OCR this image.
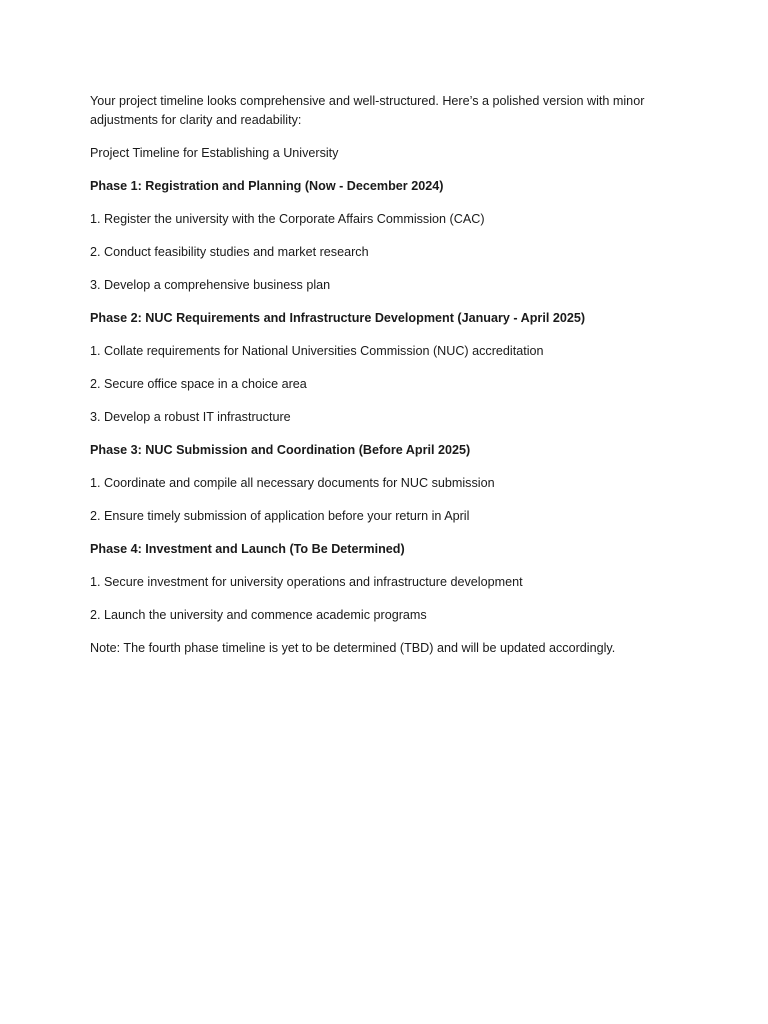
Your project timeline looks comprehensive and well-structured. Here’s a polished version with minor adjustments for clarity and readability:

Project Timeline for Establishing a University

Phase 1: Registration and Planning (Now - December 2024)

1. Register the university with the Corporate Affairs Commission (CAC)

2. Conduct feasibility studies and market research

3. Develop a comprehensive business plan

Phase 2: NUC Requirements and Infrastructure Development (January - April 2025)

1. Collate requirements for National Universities Commission (NUC) accreditation

2. Secure office space in a choice area

3. Develop a robust IT infrastructure

Phase 3: NUC Submission and Coordination (Before April 2025)

1. Coordinate and compile all necessary documents for NUC submission

2. Ensure timely submission of application before your return in April

Phase 4: Investment and Launch (To Be Determined)

1. Secure investment for university operations and infrastructure development

2. Launch the university and commence academic programs

Note: The fourth phase timeline is yet to be determined (TBD) and will be updated accordingly.
